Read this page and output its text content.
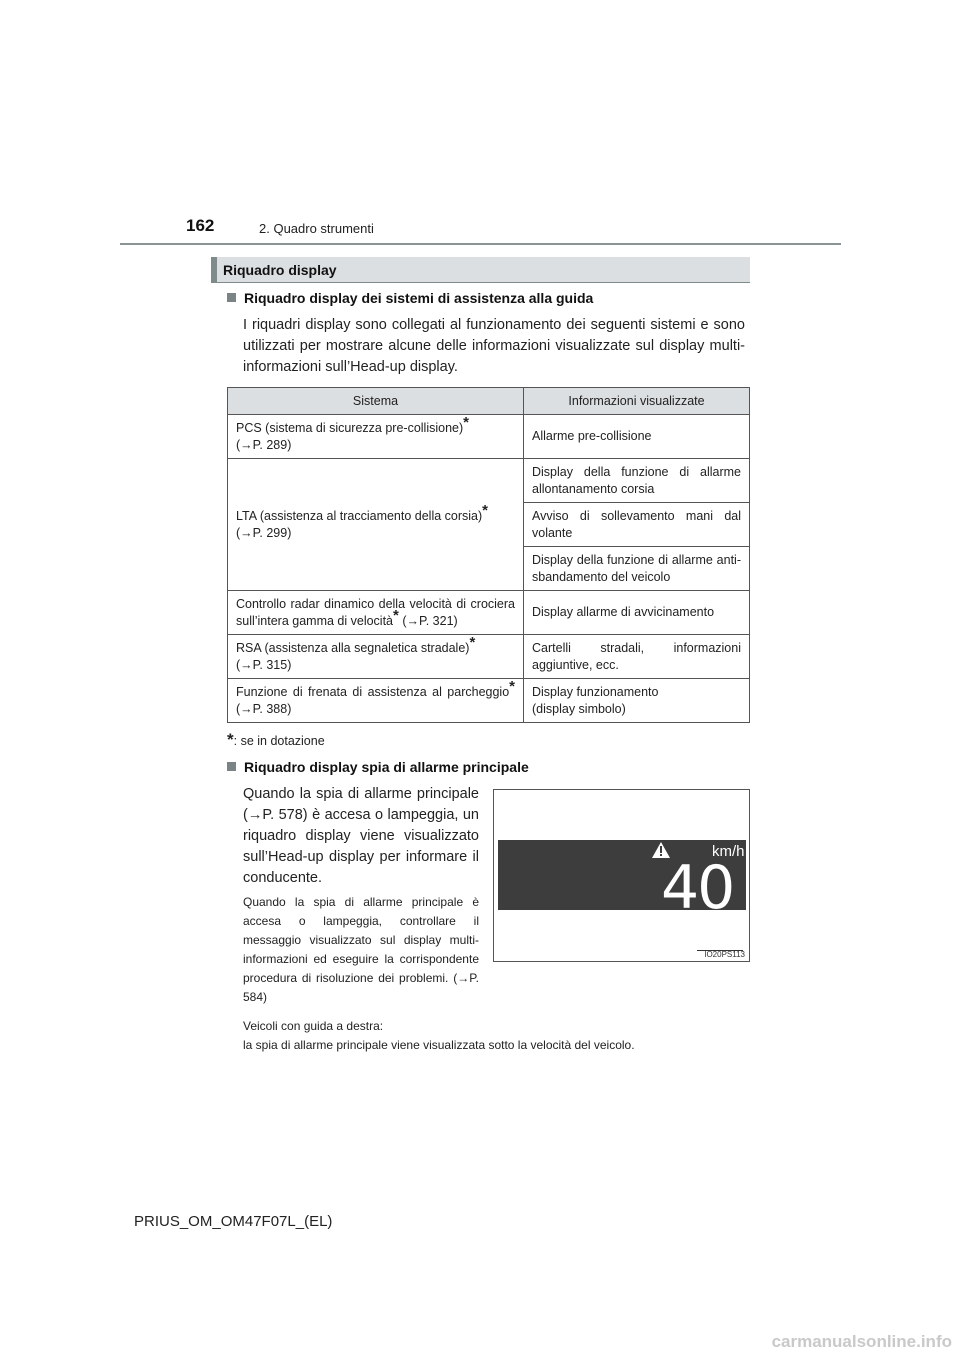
162	2. Quadro strumenti
Riquadro display
Riquadro display dei sistemi di assistenza alla guida
I riquadri display sono collegati al funzionamento dei seguenti sistemi e sono utilizzati per mostrare alcune delle informazioni visualizzate sul display multi-informazioni sull’Head-up display.
Sistema	Informazioni visualizzate
PCS (sistema di sicurezza pre-collisione)*
(→P. 289)	Allarme pre-collisione
LTA (assistenza al tracciamento della corsia)*
(→P. 299)	Display della funzione di allarme allontanamento corsia
	Avviso di sollevamento mani dal volante
	Display della funzione di allarme anti-sbandamento del veicolo
Controllo radar dinamico della velocità di crociera sull’intera gamma di velocità* (→P. 321)	Display allarme di avvicinamento
RSA (assistenza alla segnaletica stradale)*
(→P. 315)	Cartelli stradali, informazioni aggiuntive, ecc.
Funzione di frenata di assistenza al parcheggio* (→P. 388)	Display funzionamento
(display simbolo)
*: se in dotazione
Riquadro display spia di allarme principale
Quando la spia di allarme principale (→P. 578) è accesa o lampeggia, un riquadro display viene visualizzato sull’Head-up display per informare il conducente.
Quando la spia di allarme principale è accesa o lampeggia, controllare il messaggio visualizzato sul display multi-informazioni ed eseguire la corrispondente procedura di risoluzione dei problemi. (→P. 584)
Veicoli con guida a destra:
la spia di allarme principale viene visualizzata sotto la velocità del veicolo.
km/h
40
IO20PS113
PRIUS_OM_OM47F07L_(EL)
carmanualsonline.info
